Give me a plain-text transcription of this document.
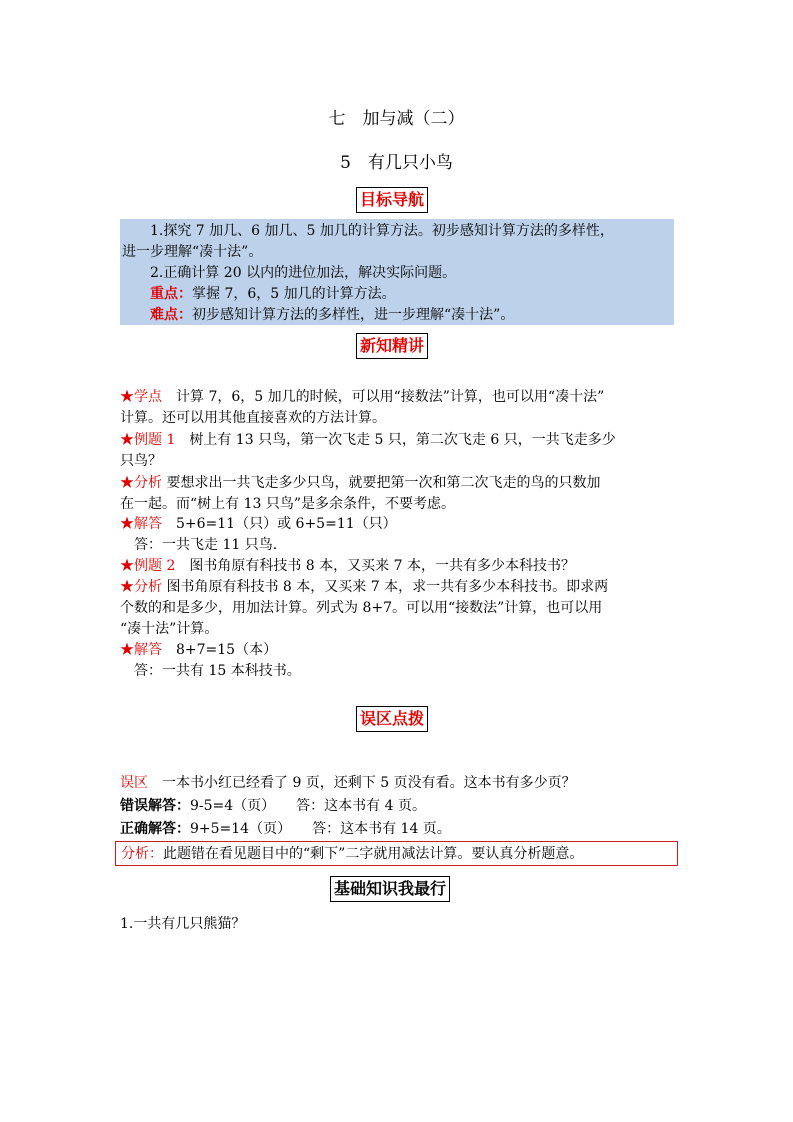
七　加与减（二）
5　有几只小鸟
目标导航
1.探究 7 加几、6 加几、5 加几的计算方法。初步感知计算方法的多样性，
进一步理解“凑十法”。
2.正确计算 20 以内的进位加法，解决实际问题。
重点：掌握 7，6，5 加几的计算方法。
难点：初步感知计算方法的多样性，进一步理解“凑十法”。
新知精讲
★学点　计算 7，6，5 加几的时候，可以用“接数法”计算，也可以用“凑十法”
计算。还可以用其他直接喜欢的方法计算。
★例题 1　树上有 13 只鸟，第一次飞走 5 只，第二次飞走 6 只，一共飞走多少
只鸟？
★分析 要想求出一共飞走多少只鸟，就要把第一次和第二次飞走的鸟的只数加
在一起。而“树上有 13 只鸟”是多余条件，不要考虑。
★解答　5+6=11（只）或 6+5=11（只）
　答：一共飞走 11 只鸟.
★例题 2　图书角原有科技书 8 本，又买来 7 本，一共有多少本科技书？
★分析 图书角原有科技书 8 本，又买来 7 本，求一共有多少本科技书。即求两
个数的和是多少，用加法计算。列式为 8+7。可以用“接数法”计算，也可以用
“凑十法”计算。
★解答　8+7=15（本）
　答：一共有 15 本科技书。
误区点拨
误区　一本书小红已经看了 9 页，还剩下 5 页没有看。这本书有多少页？
错误解答：9-5=4（页）　　答：这本书有 4 页。
正确解答：9+5=14（页）　　答：这本书有 14 页。
分析：此题错在看见题目中的“剩下”二字就用减法计算。要认真分析题意。
基础知识我最行
1.一共有几只熊猫？
